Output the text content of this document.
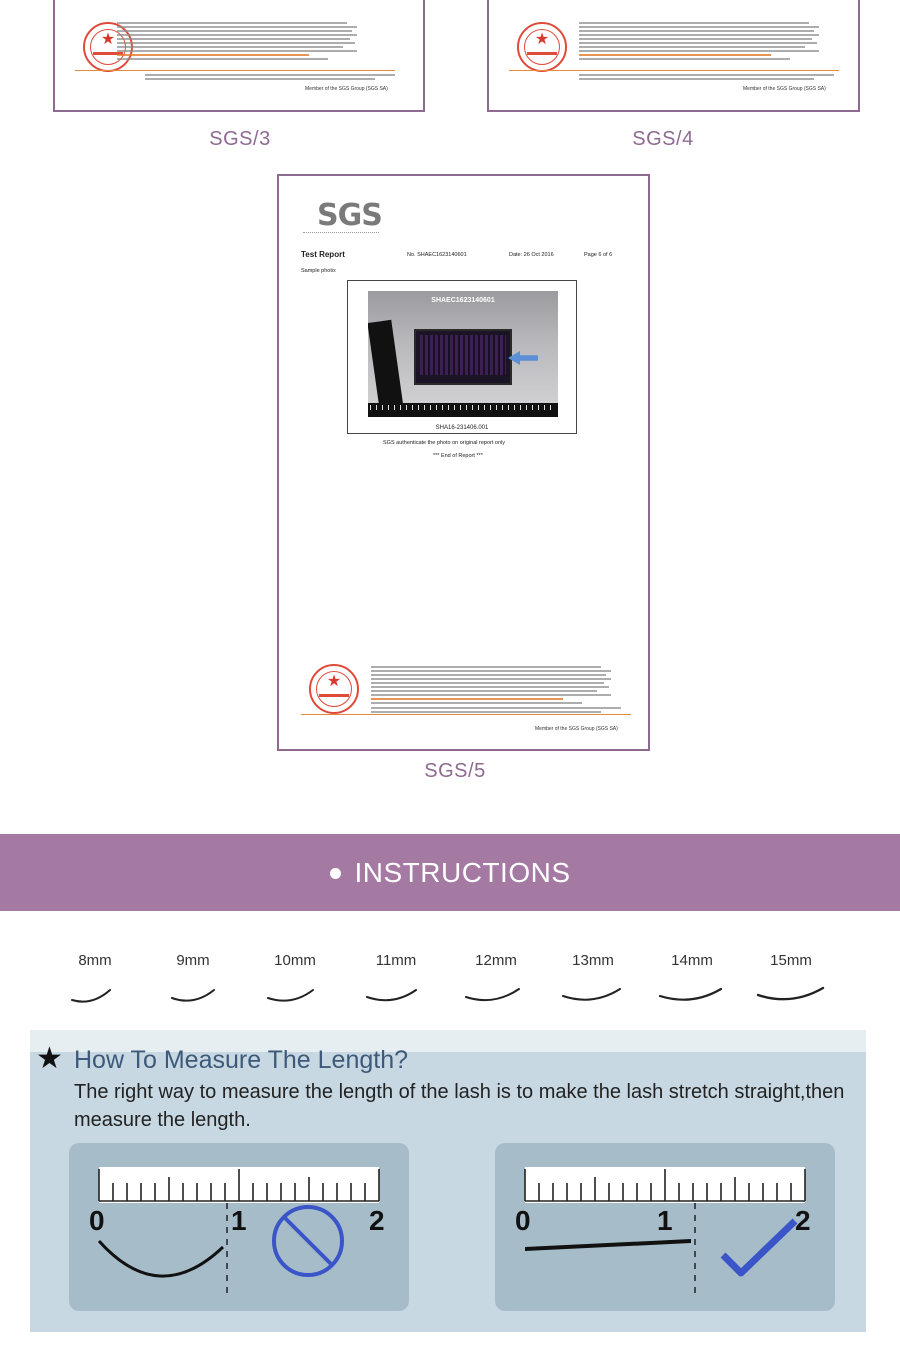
★
Member of the SGS Group (SGS SA)
SGS/3
★
Member of the SGS Group (SGS SA)
SGS/4
SGS
Test Report	No. SHAEC1623140601	Date: 26 Oct 2016	Page 6 of 6
Sample photo:
SHAEC1623140601
SHA16-231406.001
SGS authenticate the photo on original report only
*** End of Report ***
★
Member of the SGS Group (SGS SA)
SGS/5
INSTRUCTIONS
8mm	9mm	10mm	11mm	12mm	13mm	14mm	15mm
★ How To Measure The Length?
The right way to measure the length of the lash is to make the lash stretch straight,then measure the length.
0	1	2	0	1	2
